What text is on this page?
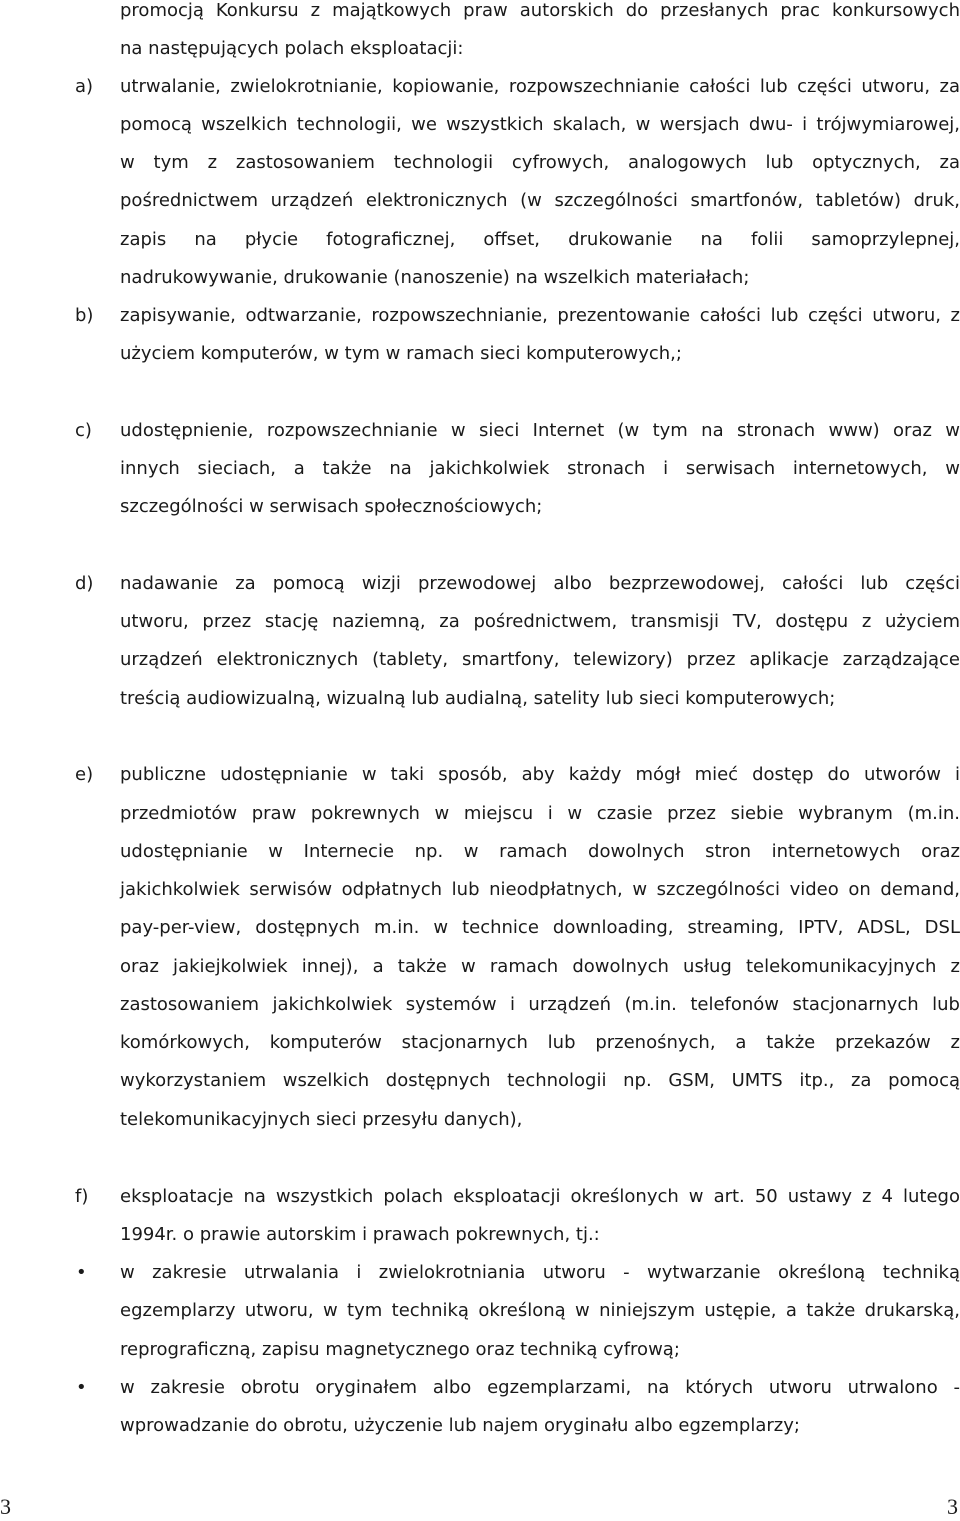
promocją Konkursu z majątkowych praw autorskich do przesłanych prac konkursowych
na następujących polach eksploatacji:
a) utrwalanie, zwielokrotnianie, kopiowanie, rozpowszechnianie całości lub części utworu, za
pomocą wszelkich technologii, we wszystkich skalach, w wersjach dwu- i trójwymiarowej,
w tym z zastosowaniem technologii cyfrowych, analogowych lub optycznych, za
pośrednictwem urządzeń elektronicznych (w szczególności smartfonów, tabletów) druk,
zapis na płycie fotograficznej, offset, drukowanie na folii samoprzylepnej,
nadrukowywanie, drukowanie (nanoszenie) na wszelkich materiałach;
b) zapisywanie, odtwarzanie, rozpowszechnianie, prezentowanie całości lub części utworu, z
użyciem komputerów, w tym w ramach sieci komputerowych,;
c) udostępnienie, rozpowszechnianie w sieci Internet (w tym na stronach www) oraz w
innych sieciach, a także na jakichkolwiek stronach i serwisach internetowych, w
szczególności w serwisach społecznościowych;
d) nadawanie za pomocą wizji przewodowej albo bezprzewodowej, całości lub części
utworu, przez stację naziemną, za pośrednictwem, transmisji TV, dostępu z użyciem
urządzeń elektronicznych (tablety, smartfony, telewizory) przez aplikacje zarządzające
treścią audiowizualną, wizualną lub audialną, satelity lub sieci komputerowych;
e) publiczne udostępnianie w taki sposób, aby każdy mógł mieć dostęp do utworów i
przedmiotów praw pokrewnych w miejscu i w czasie przez siebie wybranym (m.in.
udostępnianie w Internecie np. w ramach dowolnych stron internetowych oraz
jakichkolwiek serwisów odpłatnych lub nieodpłatnych, w szczególności video on demand,
pay-per-view, dostępnych m.in. w technice downloading, streaming, IPTV, ADSL, DSL
oraz jakiejkolwiek innej), a także w ramach dowolnych usług telekomunikacyjnych z
zastosowaniem jakichkolwiek systemów i urządzeń (m.in. telefonów stacjonarnych lub
komórkowych, komputerów stacjonarnych lub przenośnych, a także przekazów z
wykorzystaniem wszelkich dostępnych technologii np. GSM, UMTS itp., za pomocą
telekomunikacyjnych sieci przesyłu danych),
f) eksploatacje na wszystkich polach eksploatacji określonych w art. 50 ustawy z 4 lutego
1994r. o prawie autorskim i prawach pokrewnych, tj.:
• w zakresie utrwalania i zwielokrotniania utworu - wytwarzanie określoną techniką
egzemplarzy utworu, w tym techniką określoną w niniejszym ustępie, a także drukarską,
reprograficzną, zapisu magnetycznego oraz techniką cyfrową;
• w zakresie obrotu oryginałem albo egzemplarzami, na których utworu utrwalono -
wprowadzanie do obrotu, użyczenie lub najem oryginału albo egzemplarzy;
3	3
